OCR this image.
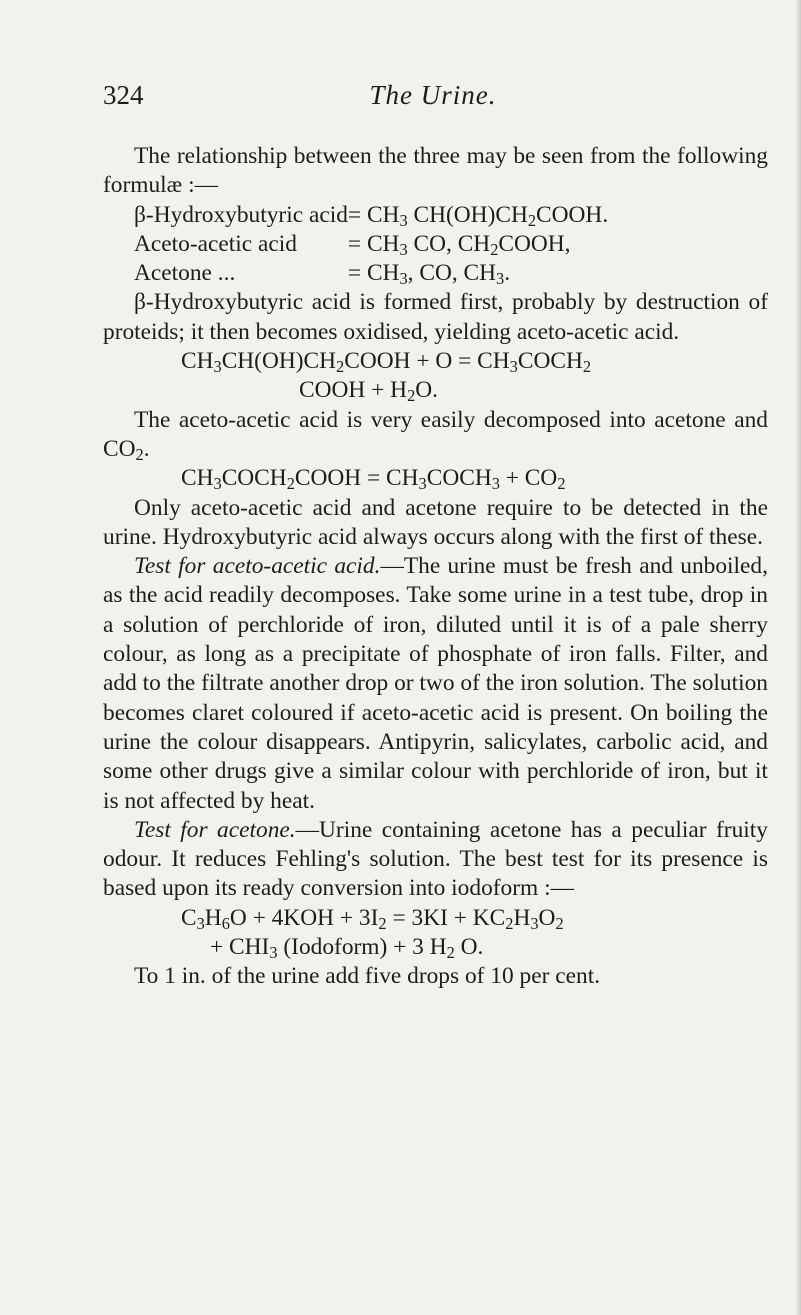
324	The Urine.

The relationship between the three may be seen from the following formulæ :—

β-Hydroxybutyric acid	= $CH_3$ $CH(OH)CH_2COOH$.
Aceto-acetic acid	= $CH_3$ CO, $CH_2COOH$,
Acetone ...	= $CH_3$, CO, $CH_3$.

β-Hydroxybutyric acid is formed first, probably by destruction of proteids; it then becomes oxidised, yielding aceto-acetic acid.

$CH_3CH(OH)CH_2COOH + O$ = $CH_3COCH_2$

COOH + $H_2O$.

The aceto-acetic acid is very easily decomposed into acetone and $CO_2$.

$CH_3COCH_2COOH$ = $CH_3COCH_3 + CO_2$

Only aceto-acetic acid and acetone require to be detected in the urine. Hydroxybutyric acid always occurs along with the first of these.

Test for aceto-acetic acid.—The urine must be fresh and unboiled, as the acid readily decomposes. Take some urine in a test tube, drop in a solution of perchloride of iron, diluted until it is of a pale sherry colour, as long as a precipitate of phosphate of iron falls. Filter, and add to the filtrate another drop or two of the iron solution. The solution becomes claret coloured if aceto-acetic acid is present. On boiling the urine the colour disappears. Antipyrin, salicylates, carbolic acid, and some other drugs give a similar colour with perchloride of iron, but it is not affected by heat.

Test for acetone.—Urine containing acetone has a peculiar fruity odour. It reduces Fehling's solution. The best test for its presence is based upon its ready conversion into iodoform :—

$C_3H_6O + 4KOH + 3I_2 = 3KI + KC_2H_3O_2$

+ $CHI_3$ (Iodoform) + 3 $H_2$ O.

To 1 in. of the urine add five drops of 10 per cent.
